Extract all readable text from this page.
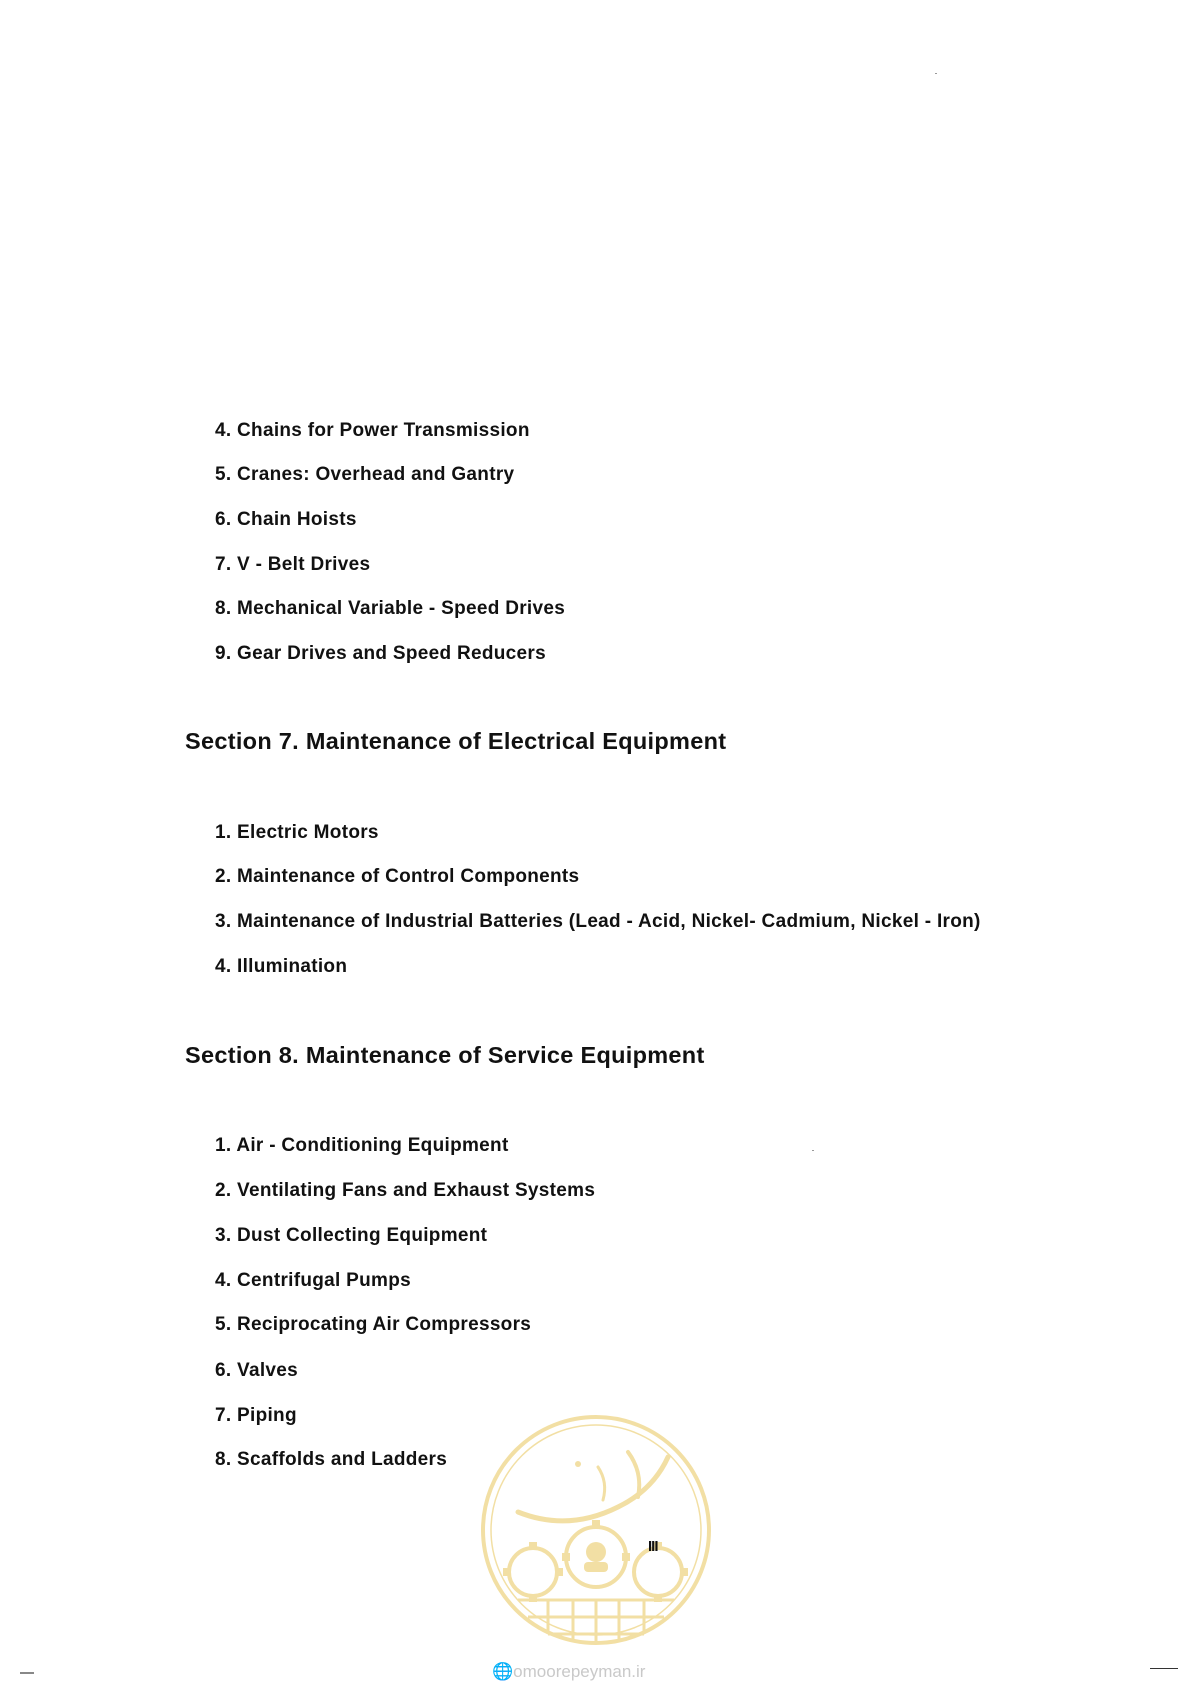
4. Chains for Power Transmission
5. Cranes: Overhead and Gantry
6. Chain Hoists
7. V - Belt Drives
8. Mechanical Variable - Speed Drives
9. Gear Drives and Speed Reducers
Section 7. Maintenance of Electrical Equipment
1. Electric Motors
2. Maintenance of Control Components
3. Maintenance of Industrial Batteries (Lead - Acid, Nickel- Cadmium, Nickel - Iron)
4. Illumination
Section 8. Maintenance of Service Equipment
1. Air - Conditioning Equipment
2. Ventilating Fans and Exhaust Systems
3. Dust Collecting Equipment
4. Centrifugal Pumps
5. Reciprocating Air Compressors
6. Valves
7. Piping
8. Scaffolds and Ladders
III
🌐omoorepeyman.ir
